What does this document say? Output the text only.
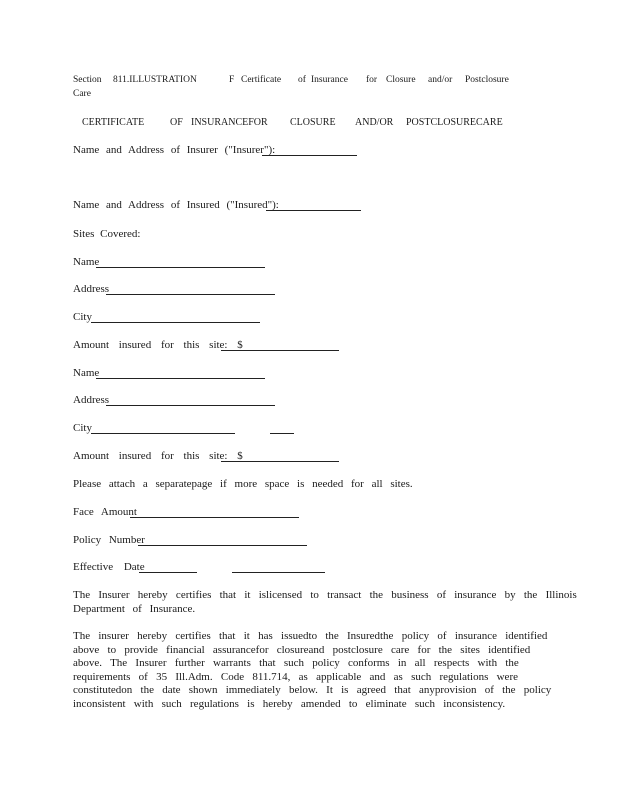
Section 811.ILLUSTRATION	F Certificate of Insurance for Closure and/or Postclosure
Care
CERTIFICATE	OF INSURANCEFOR CLOSURE AND/OR POSTCLOSURECARE
Name and Address of Insurer ("Insurer"):
Name and Address of Insured ("Insured"):
Sites Covered:
Name
Address
City
Amount insured for this site: $
Name
Address
City
Amount insured for this site: $
Please attach a separatepage if more space is needed for all sites.
Face Amount
Policy Number
Effective Date
The Insurer hereby certifies that it islicensed to transact the business of insurance by the Illinois
Department of Insurance.
The insurer hereby certifies that it has issuedto the Insuredthe policy of insurance identified
above to provide financial assurancefor closureand postclosure care for the sites identified
above. The Insurer further warrants that such policy conforms in all respects with the
requirements of 35 Ill.Adm. Code 811.714, as applicable and as such regulations were
constitutedon the date shown immediately below. It is agreed that anyprovision of the policy
inconsistent with such regulations is hereby amended to eliminate such inconsistency.
